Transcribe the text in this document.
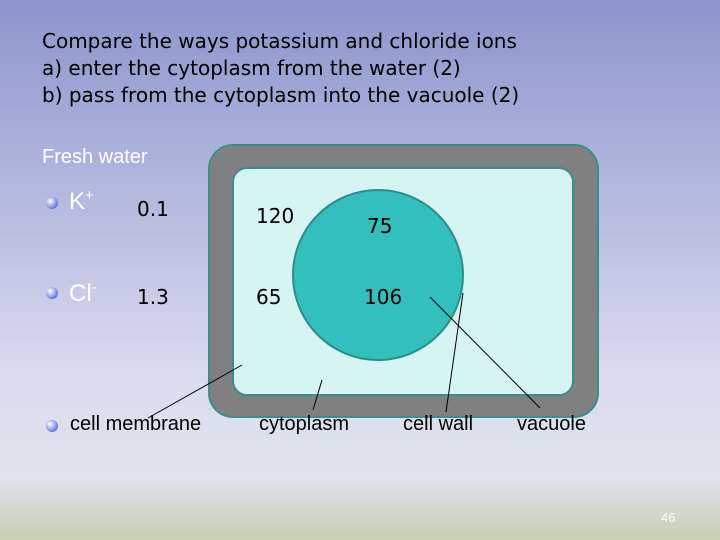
Compare the ways potassium and chloride ions
a) enter the cytoplasm from the water (2)
b) pass from the cytoplasm into the vacuole (2)
Fresh water
K+
0.1	120	75
Cl- 1.3	65	106
cell membrane	cytoplasm	cell wall vacuole
46
